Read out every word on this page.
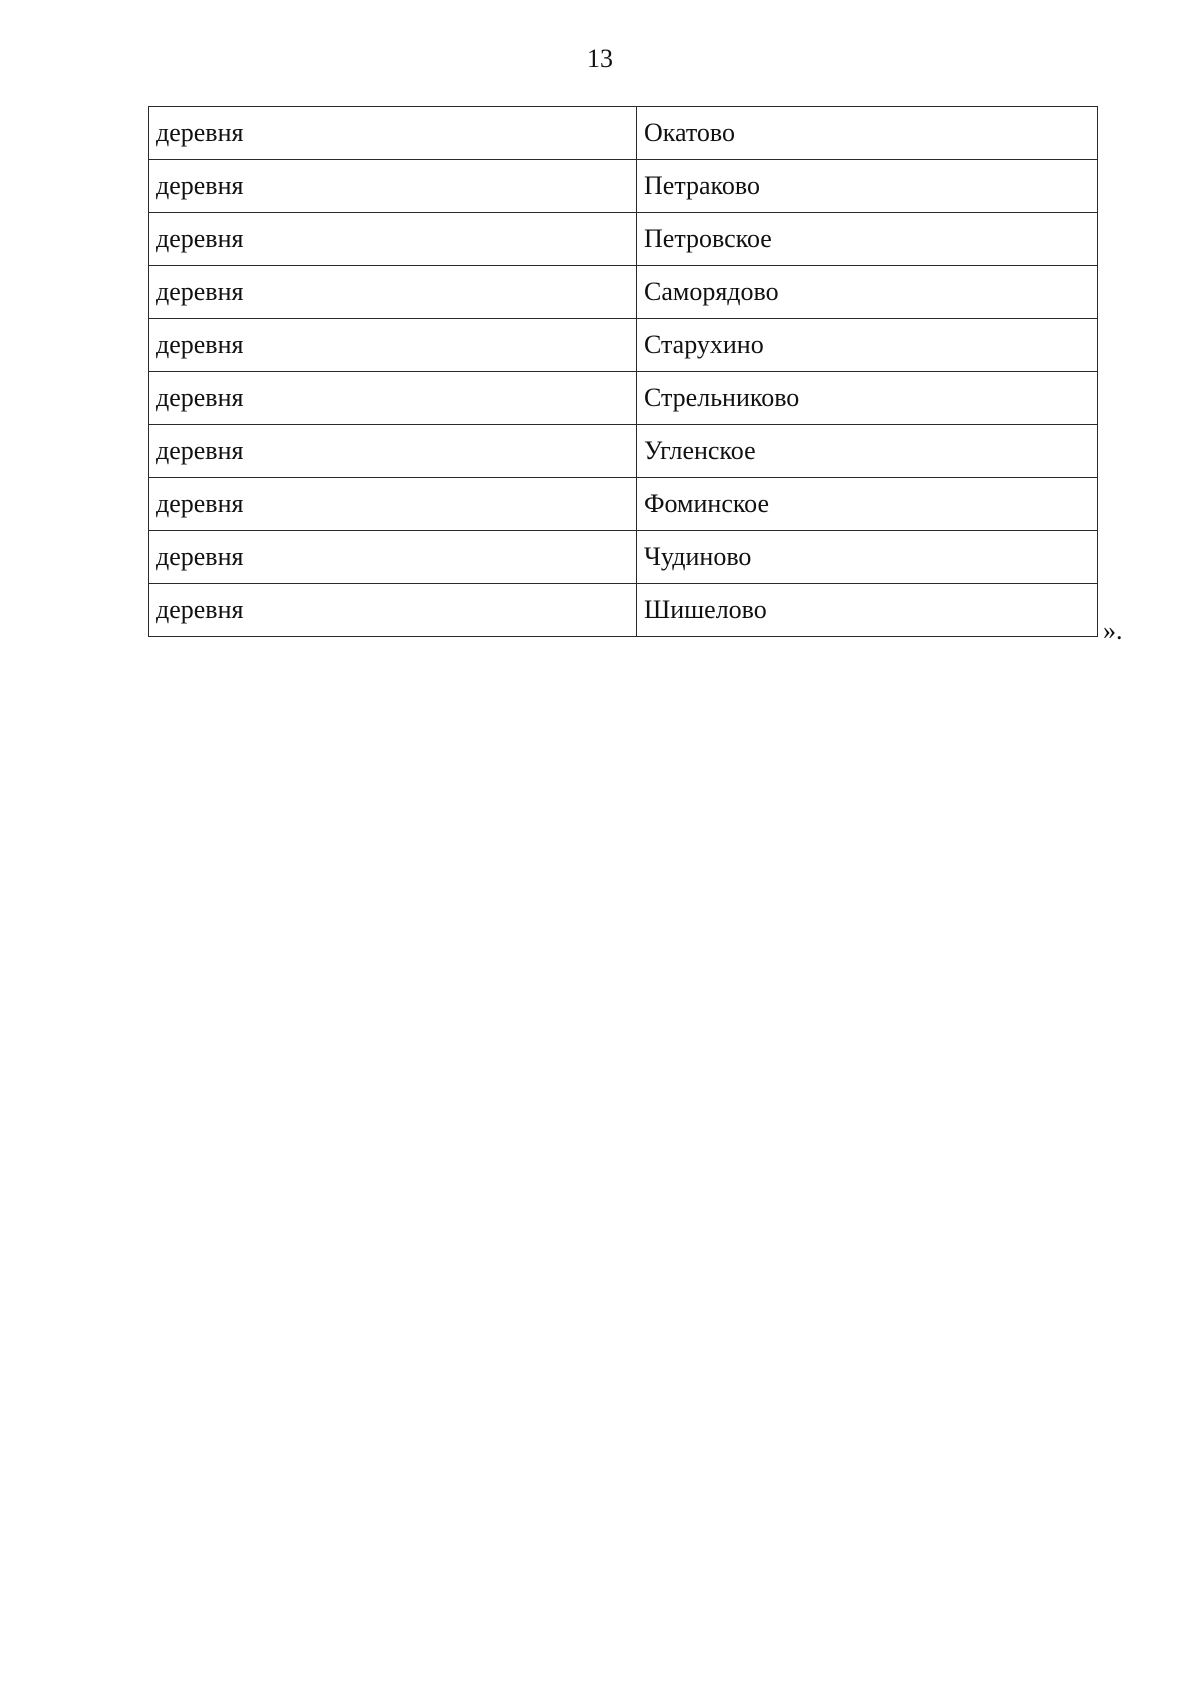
13
деревня	Окатово
деревня	Петраково
деревня	Петровское
деревня	Саморядово
деревня	Старухино
деревня	Стрельниково
деревня	Угленское
деревня	Фоминское
деревня	Чудиново
деревня	Шишелово
».
